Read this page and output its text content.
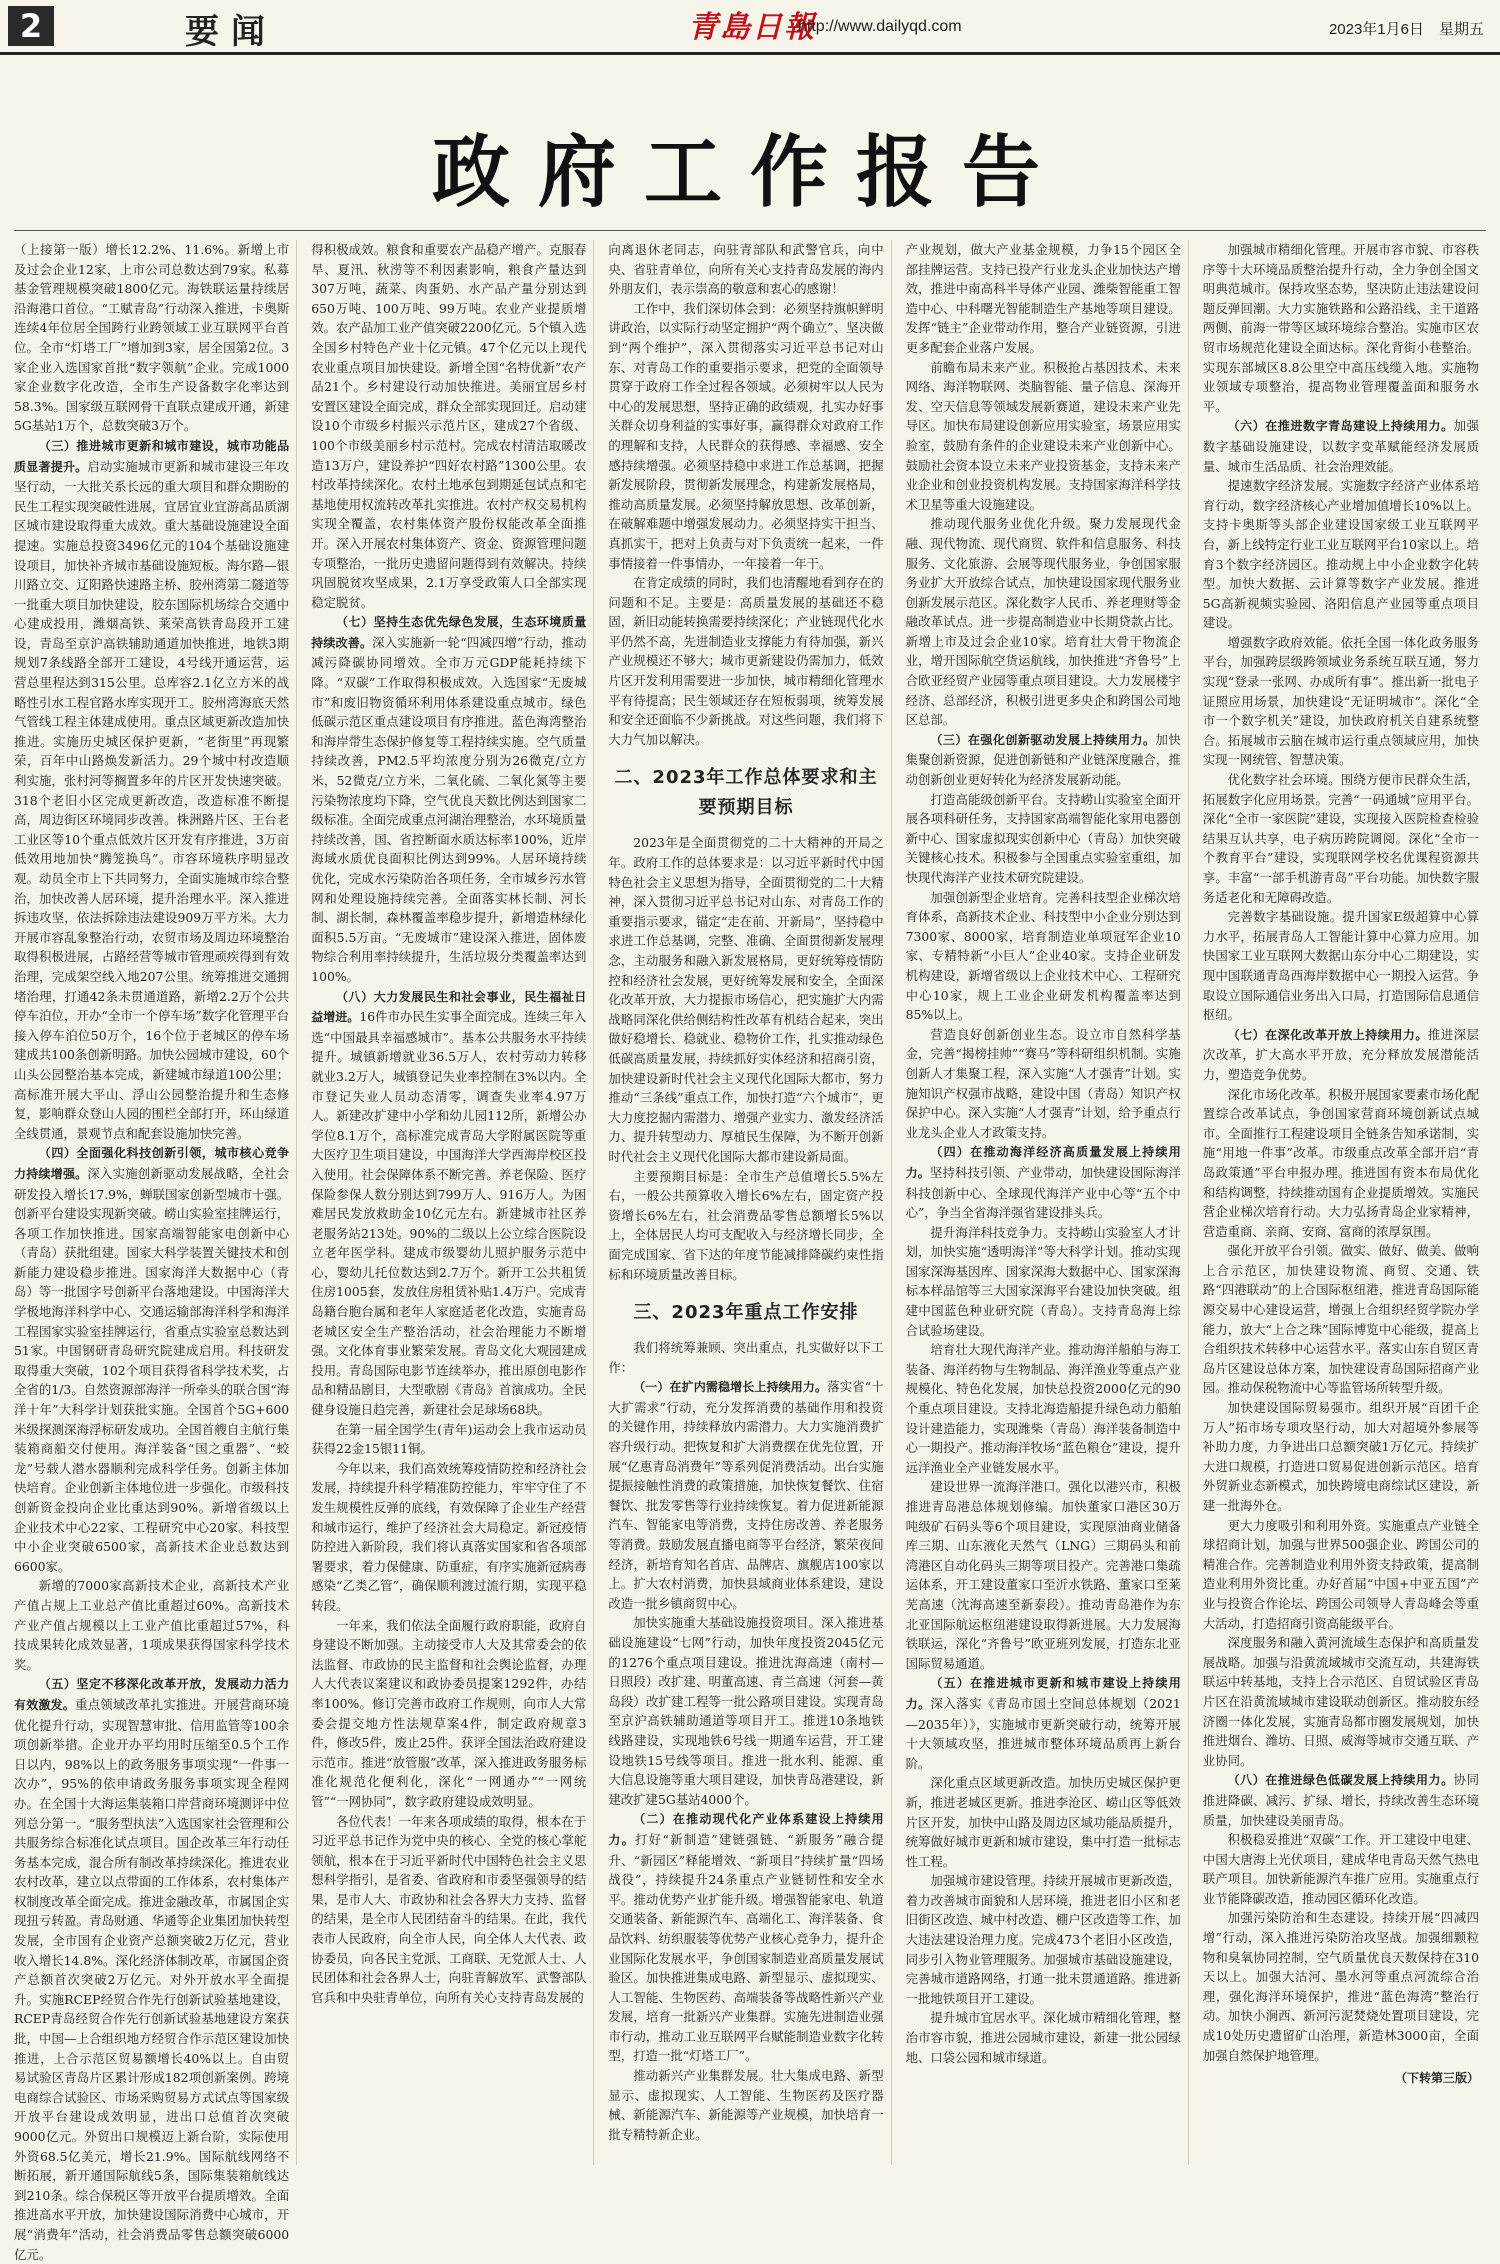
2	要闻	青島日報
http://www.dailyqd.com	2023年1月6日　星期五
政府工作报告

（上接第一版）增长12.2%、11.6%。新增上市及过会企业12家，上市公司总数达到79家。私募基金管理规模突破1800亿元。海铁联运量持续居沿海港口首位。“工赋青岛”行动深入推进，卡奥斯连续4年位居全国跨行业跨领域工业互联网平台首位。全市“灯塔工厂”增加到3家，居全国第2位。3家企业入选国家首批“数字领航”企业。完成1000家企业数字化改造，全市生产设备数字化率达到58.3%。国家级互联网骨干直联点建成开通，新建5G基站1万个，总数突破3万个。

（三）推进城市更新和城市建设，城市功能品质显著提升。启动实施城市更新和城市建设三年攻坚行动，一大批关系长远的重大项目和群众期盼的民生工程实现突破性进展，宜居宜业宜游高品质湖区城市建设取得重大成效。重大基础设施建设全面提速。实施总投资3496亿元的104个基础设施建设项目，加快补齐城市基础设施短板。海尔路—银川路立交、辽阳路快速路主桥、胶州湾第二隧道等一批重大项目加快建设，胶东国际机场综合交通中心建成投用，潍烟高铁、莱荣高铁青岛段开工建设，青岛至京沪高铁辅助通道加快推进，地铁3期规划7条线路全部开工建设，4号线开通运营，运营总里程达到315公里。总库容2.1亿立方米的战略性引水工程官路水库实现开工。胶州湾海底天然气管线工程主体建成使用。重点区域更新改造加快推进。实施历史城区保护更新，“老街里”再现繁荣，百年中山路焕发新活力。29个城中村改造顺利实施，张村河等搁置多年的片区开发快速突破。318个老旧小区完成更新改造，改造标准不断提高，周边街区环境同步改善。株洲路片区、王台老工业区等10个重点低效片区开发有序推进，3万亩低效用地加快“腾笼换鸟”。市容环境秩序明显改观。动员全市上下共同努力，全面实施城市综合整治，加快改善人居环境，提升治理水平。深入推进拆违攻坚，依法拆除违法建设909万平方米。大力开展市容乱象整治行动，农贸市场及周边环境整治取得积极进展，占路经营等城市管理顽疾得到有效治理，完成架空线入地207公里。统筹推进交通拥堵治理，打通42条未贯通道路，新增2.2万个公共停车泊位，开办“全市一个停车场”数字化管理平台接入停车泊位50万个，16个位于老城区的停车场建成共100条创新明路。加快公园城市建设，60个山头公园整治基本完成，新建城市绿道100公里；高标准开展大平山、浮山公园整治提升和生态修复，影响群众登山人园的围栏全部打开，环山绿道全线贯通，景观节点和配套设施加快完善。

（四）全面强化科技创新引领，城市核心竞争力持续增强。深入实施创新驱动发展战略，全社会研发投入增长17.9%，蝉联国家创新型城市十强。创新平台建设实现新突破。崂山实验室挂牌运行，各项工作加快推进。国家高端智能家电创新中心（青岛）获批组建。国家大科学装置关键技术和创新能力建设稳步推进。国家海洋大数据中心（青岛）等一批国字号创新平台落地建设。中国海洋大学极地海洋科学中心、交通运输部海洋科学和海洋工程国家实验室挂牌运行，省重点实验室总数达到51家。中国钢研青岛研究院建成启用。科技研发取得重大突破，102个项目获得省科学技术奖，占全省的1/3。自然资源部海洋一所牵头的联合国“海洋十年”大科学计划获批实施。全国首个5G+600米级探测深海浮标研发成功。全国首艘自主航行集装箱商船交付使用。海洋装备“国之重器”、“蛟龙”号载人潜水器顺利完成科学任务。创新主体加快培育。企业创新主体地位进一步强化。市级科技创新资金投向企业比重达到90%。新增省级以上企业技术中心22家、工程研究中心20家。科技型中小企业突破6500家，高新技术企业总数达到6600家。

新增的7000家高新技术企业，高新技术产业产值占规上工业总产值比重超过60%。高新技术产业产值占规模以上工业产值比重超过57%，科技成果转化成效显著，1项成果获得国家科学技术奖。

（五）坚定不移深化改革开放，发展动力活力有效激发。重点领域改革扎实推进。开展营商环境优化提升行动，实现智慧审批、信用监管等100余项创新举措。企业开办平均用时压缩至0.5个工作日以内，98%以上的政务服务事项实现“一件事一次办”，95%的依申请政务服务事项实现全程网办。在全国十大海运集装箱口岸营商环境测评中位列总分第一。“服务型执法”入选国家社会管理和公共服务综合标准化试点项目。国企改革三年行动任务基本完成，混合所有制改革持续深化。推进农业农村改革，建立以点带面的工作体系，农村集体产权制度改革全面完成。推进金融改革，市属国企实现扭亏转盈。青岛财通、华通等企业集团加快转型发展，全市国有企业资产总额突破2万亿元，营业收入增长14.8%。深化经济体制改革，市属国企资产总额首次突破2万亿元。对外开放水平全面提升。实施RCEP经贸合作先行创新试验基地建设，RCEP青岛经贸合作先行创新试验基地建设方案获批，中国—上合组织地方经贸合作示范区建设加快推进，上合示范区贸易额增长40%以上。自由贸易试验区青岛片区累计形成182项创新案例。跨境电商综合试验区、市场采购贸易方式试点等国家级开放平台建设成效明显，进出口总值首次突破9000亿元。外贸出口规模迈上新台阶，实际使用外资68.5亿美元，增长21.9%。国际航线网络不断拓展，新开通国际航线5条，国际集装箱航线达到210条。综合保税区等开放平台提质增效。全面推进高水平开放，加快建设国际消费中心城市，开展“消费年”活动，社会消费品零售总额突破6000亿元。

得积极成效。粮食和重要农产品稳产增产。克服春旱、夏汛、秋涝等不利因素影响，粮食产量达到307万吨，蔬菜、肉蛋奶、水产品产量分别达到650万吨、100万吨、99万吨。农业产业提质增效。农产品加工业产值突破2200亿元。5个镇入选全国乡村特色产业十亿元镇。47个亿元以上现代农业重点项目加快建设。新增全国“名特优新”农产品21个。乡村建设行动加快推进。美丽宜居乡村安置区建设全面完成，群众全部实现回迁。启动建设10个市级乡村振兴示范片区，建成27个省级、100个市级美丽乡村示范村。完成农村清洁取暖改造13万户，建设养护“四好农村路”1300公里。农村改革持续深化。农村土地承包到期延包试点和宅基地使用权流转改革扎实推进。农村产权交易机构实现全覆盖，农村集体资产股份权能改革全面推开。深入开展农村集体资产、资金、资源管理问题专项整治，一批历史遗留问题得到有效解决。持续巩固脱贫攻坚成果，2.1万享受政策人口全部实现稳定脱贫。

（七）坚持生态优先绿色发展，生态环境质量持续改善。深入实施新一轮“四减四增”行动，推动减污降碳协同增效。全市万元GDP能耗持续下降。“双碳”工作取得积极成效。入选国家“无废城市”和废旧物资循环利用体系建设重点城市。绿色低碳示范区重点建设项目有序推进。蓝色海湾整治和海岸带生态保护修复等工程持续实施。空气质量持续改善，PM2.5平均浓度分别为26微克/立方米，52微克/立方米，二氧化硫、二氧化氮等主要污染物浓度均下降，空气优良天数比例达到国家二级标准。全面完成重点河湖治理整治，水环境质量持续改善，国、省控断面水质达标率100%，近岸海域水质优良面积比例达到99%。人居环境持续优化，完成水污染防治各项任务，全市城乡污水管网和处理设施持续完善。全面落实林长制、河长制、湖长制，森林覆盖率稳步提升，新增造林绿化面积5.5万亩。“无废城市”建设深入推进，固体废物综合利用率持续提升，生活垃圾分类覆盖率达到100%。

（八）大力发展民生和社会事业，民生福祉日益增进。16件市办民生实事全面完成。连续三年入选“中国最具幸福感城市”。基本公共服务水平持续提升。城镇新增就业36.5万人，农村劳动力转移就业3.2万人，城镇登记失业率控制在3%以内。全市登记失业人员动态清零，调查失业率4.97万人。新建改扩建中小学和幼儿园112所，新增公办学位8.1万个，高标准完成青岛大学附属医院等重大医疗卫生项目建设，中国海洋大学西海岸校区投入使用。社会保障体系不断完善。养老保险、医疗保险参保人数分别达到799万人、916万人。为困难居民发放救助金10亿元左右。新建城市社区养老服务站213处。90%的二级以上公立综合医院设立老年医学科。建成市级婴幼儿照护服务示范中心，婴幼儿托位数达到2.7万个。新开工公共租赁住房1005套，发放住房租赁补贴1.4万户。完成青岛籍台胞台属和老年人家庭适老化改造，实施青岛老城区安全生产整治活动，社会治理能力不断增强。文化体育事业繁荣发展。青岛文化大观园建成投用。青岛国际电影节连续举办，推出原创电影作品和精品剧目，大型歌剧《青岛》首演成功。全民健身设施日趋完善，新建社会足球场68块。

在第一届全国学生(青年)运动会上我市运动员获得22金15银11铜。

今年以来，我们高效统筹疫情防控和经济社会发展，持续提升科学精准防控能力，牢牢守住了不发生规模性反弹的底线，有效保障了企业生产经营和城市运行，维护了经济社会大局稳定。新冠疫情防控进入新阶段，我们将认真落实国家和省各项部署要求，着力保健康、防重症，有序实施新冠病毒感染“乙类乙管”，确保顺利渡过流行期，实现平稳转段。

一年来，我们依法全面履行政府职能，政府自身建设不断加强。主动接受市人大及其常委会的依法监督、市政协的民主监督和社会舆论监督，办理人大代表议案建议和政协委员提案1292件，办结率100%。修订完善市政府工作规则，向市人大常委会提交地方性法规草案4件，制定政府规章3件，修改5件，废止25件。获评全国法治政府建设示范市。推进“放管服”改革，深入推进政务服务标准化规范化便利化，深化“一网通办”“一网统管”“一网协同”，数字政府建设成效明显。

各位代表！一年来各项成绩的取得，根本在于习近平总书记作为党中央的核心、全党的核心掌舵领航，根本在于习近平新时代中国特色社会主义思想科学指引，是省委、省政府和市委坚强领导的结果，是市人大、市政协和社会各界大力支持、监督的结果，是全市人民团结奋斗的结果。在此，我代表市人民政府，向全市人民，向全体人大代表、政协委员，向各民主党派、工商联、无党派人士、人民团体和社会各界人士，向驻青解放军、武警部队官兵和中央驻青单位，向所有关心支持青岛发展的

向离退休老同志，向驻青部队和武警官兵，向中央、省驻青单位，向所有关心支持青岛发展的海内外朋友们，表示崇高的敬意和衷心的感谢！

工作中，我们深切体会到：必须坚持旗帜鲜明讲政治，以实际行动坚定拥护“两个确立”、坚决做到“两个维护”，深入贯彻落实习近平总书记对山东、对青岛工作的重要指示要求，把党的全面领导贯穿于政府工作全过程各领域。必须树牢以人民为中心的发展思想，坚持正确的政绩观，扎实办好事关群众切身利益的实事好事，赢得群众对政府工作的理解和支持，人民群众的获得感、幸福感、安全感持续增强。必须坚持稳中求进工作总基调，把握新发展阶段，贯彻新发展理念，构建新发展格局，推动高质量发展。必须坚持解放思想、改革创新，在破解难题中增强发展动力。必须坚持实干担当、真抓实干，把对上负责与对下负责统一起来，一件事情接着一件事情办，一年接着一年干。

在肯定成绩的同时，我们也清醒地看到存在的问题和不足。主要是：高质量发展的基础还不稳固，新旧动能转换需要持续深化；产业链现代化水平仍然不高，先进制造业支撑能力有待加强，新兴产业规模还不够大；城市更新建设仍需加力，低效片区开发利用需要进一步加快，城市精细化管理水平有待提高；民生领域还存在短板弱项，统筹发展和安全还面临不少新挑战。对这些问题，我们将下大力气加以解决。

二、2023年工作总体要求和主要预期目标

2023年是全面贯彻党的二十大精神的开局之年。政府工作的总体要求是：以习近平新时代中国特色社会主义思想为指导，全面贯彻党的二十大精神，深入贯彻习近平总书记对山东、对青岛工作的重要指示要求，锚定“走在前、开新局”，坚持稳中求进工作总基调，完整、准确、全面贯彻新发展理念，主动服务和融入新发展格局，更好统筹疫情防控和经济社会发展，更好统筹发展和安全，全面深化改革开放，大力提振市场信心，把实施扩大内需战略同深化供给侧结构性改革有机结合起来，突出做好稳增长、稳就业、稳物价工作，扎实推动绿色低碳高质量发展，持续抓好实体经济和招商引资，加快建设新时代社会主义现代化国际大都市，努力推动“三条线”重点工作，加快打造“六个城市”，更大力度挖掘内需潜力、增强产业实力、激发经济活力、提升转型动力、厚植民生保障，为不断开创新时代社会主义现代化国际大都市建设新局面。

主要预期目标是：全市生产总值增长5.5%左右，一般公共预算收入增长6%左右，固定资产投资增长6%左右，社会消费品零售总额增长5%以上，全体居民人均可支配收入与经济增长同步，全面完成国家、省下达的年度节能减排降碳约束性指标和环境质量改善目标。

三、2023年重点工作安排

我们将统筹兼顾、突出重点，扎实做好以下工作：

（一）在扩内需稳增长上持续用力。落实省“十大扩需求”行动，充分发挥消费的基础作用和投资的关键作用，持续释放内需潜力。大力实施消费扩容升级行动。把恢复和扩大消费摆在优先位置，开展“亿惠青岛消费年”等系列促消费活动。出台实施提振接触性消费的政策措施，加快恢复餐饮、住宿餐饮、批发零售等行业持续恢复。着力促进新能源汽车、智能家电等消费，支持住房改善、养老服务等消费。鼓励发展直播电商等平台经济，繁荣夜间经济，新培育知名首店、品牌店、旗舰店100家以上。扩大农村消费，加快县域商业体系建设，建设改造一批乡镇商贸中心。

加快实施重大基础设施投资项目。深入推进基础设施建设“七网”行动，加快年度投资2045亿元的1276个重点项目建设。推进沈海高速（南村—日照段）改扩建、明董高速、青兰高速（河套—黄岛段）改扩建工程等一批公路项目建设。实现青岛至京沪高铁辅助通道等项目开工。推进10条地铁线路建设，实现地铁6号线一期通车运营，开工建设地铁15号线等项目。推进一批水利、能源、重大信息设施等重大项目建设，加快青岛港建设，新建改扩建5G基站4000个。

（二）在推动现代化产业体系建设上持续用力。打好“新制造”建链强链、“新服务”融合提升、“新园区”释能增效、“新项目”持续扩量“四场战役”，持续提升24条重点产业链韧性和安全水平。推动优势产业扩能升级。增强智能家电、轨道交通装备、新能源汽车、高端化工、海洋装备、食品饮料、纺织服装等优势产业核心竞争力，提升企业国际化发展水平，争创国家制造业高质量发展试验区。加快推进集成电路、新型显示、虚拟现实、人工智能、生物医药、高端装备等战略性新兴产业发展，培育一批新兴产业集群。实施先进制造业强市行动，推动工业互联网平台赋能制造业数字化转型，打造一批“灯塔工厂”。

推动新兴产业集群发展。壮大集成电路、新型显示、虚拟现实、人工智能、生物医药及医疗器械、新能源汽车、新能源等产业规模，加快培育一批专精特新企业。

产业规划，做大产业基金规模，力争15个园区全部挂牌运营。支持已投产行业龙头企业加快达产增效，推进中南高科半导体产业园、潍柴智能重工智造中心、中科曙光智能制造生产基地等项目建设。发挥“链主”企业带动作用，整合产业链资源，引进更多配套企业落户发展。

前瞻布局未来产业。积极抢占基因技术、未来网络、海洋物联网、类脑智能、量子信息、深海开发、空天信息等领域发展新赛道，建设未来产业先导区。加快布局建设创新应用实验室，场景应用实验室，鼓励有条件的企业建设未来产业创新中心。鼓励社会资本设立未来产业投资基金，支持未来产业企业和创业投资机构发展。支持国家海洋科学技术卫星等重大设施建设。

推动现代服务业优化升级。聚力发展现代金融、现代物流、现代商贸、软件和信息服务、科技服务、文化旅游、会展等现代服务业，争创国家服务业扩大开放综合试点，加快建设国家现代服务业创新发展示范区。深化数字人民币、养老理财等金融改革试点。进一步提高制造业中长期贷款占比。新增上市及过会企业10家。培育壮大骨干物流企业，增开国际航空货运航线，加快推进“齐鲁号”上合欧亚经贸产业园等重点项目建设。大力发展楼宇经济、总部经济，积极引进更多央企和跨国公司地区总部。

（三）在强化创新驱动发展上持续用力。加快集聚创新资源，促进创新链和产业链深度融合，推动创新创业更好转化为经济发展新动能。

打造高能级创新平台。支持崂山实验室全面开展各项科研任务，支持国家高端智能化家用电器创新中心、国家虚拟现实创新中心（青岛）加快突破关键核心技术。积极参与全国重点实验室重组，加快现代海洋产业技术研究院建设。

加强创新型企业培育。完善科技型企业梯次培育体系，高新技术企业、科技型中小企业分别达到7300家、8000家，培育制造业单项冠军企业10家、专精特新“小巨人”企业40家。支持企业研发机构建设，新增省级以上企业技术中心、工程研究中心10家，规上工业企业研发机构覆盖率达到85%以上。

营造良好创新创业生态。设立市自然科学基金，完善“揭榜挂帅”“赛马”等科研组织机制。实施创新人才集聚工程，深入实施“人才强青”计划。实施知识产权强市战略，建设中国（青岛）知识产权保护中心。深入实施“人才强青”计划，给予重点行业龙头企业人才政策支持。

（四）在推动海洋经济高质量发展上持续用力。坚持科技引领、产业带动，加快建设国际海洋科技创新中心、全球现代海洋产业中心等“五个中心”，争当全省海洋强省建设排头兵。

提升海洋科技竞争力。支持崂山实验室人才计划，加快实施“透明海洋”等大科学计划。推动实现国家深海基因库、国家深海大数据中心、国家深海标本样品馆等三大国家深海平台建设加快突破。组建中国蓝色种业研究院（青岛）。支持青岛海上综合试验场建设。

培育壮大现代海洋产业。推动海洋船舶与海工装备、海洋药物与生物制品、海洋渔业等重点产业规模化、特色化发展，加快总投资2000亿元的90个重点项目建设。支持北海造船提升绿色动力船舶设计建造能力，实现潍柴（青岛）海洋装备制造中心一期投产。推动海洋牧场“蓝色粮仓”建设，提升远洋渔业全产业链发展水平。

建设世界一流海洋港口。强化以港兴市，积极推进青岛港总体规划修编。加快董家口港区30万吨级矿石码头等6个项目建设，实现原油商业储备库三期、山东液化天然气（LNG）三期码头和前湾港区自动化码头三期等项目投产。完善港口集疏运体系，开工建设董家口至沂水铁路、董家口至莱芜高速（沈海高速至新泰段）。推动青岛港作为东北亚国际航运枢纽港建设取得新进展。大力发展海铁联运，深化“齐鲁号”欧亚班列发展，打造东北亚国际贸易通道。

（五）在推进城市更新和城市建设上持续用力。深入落实《青岛市国土空间总体规划（2021—2035年）》，实施城市更新突破行动，统筹开展十大领域攻坚，推进城市整体环境品质再上新台阶。

深化重点区域更新改造。加快历史城区保护更新，推进老城区更新。推进李沧区、崂山区等低效片区开发，加快中山路及周边区域功能品质提升，统筹做好城市更新和城市建设，集中打造一批标志性工程。

加强城市建设管理。持续开展城市更新改造，着力改善城市面貌和人居环境，推进老旧小区和老旧街区改造、城中村改造、棚户区改造等工作，加大违法建设治理力度。完成473个老旧小区改造，同步引入物业管理服务。加强城市基础设施建设，完善城市道路网络，打通一批未贯通道路。推进新一批地铁项目开工建设。

提升城市宜居水平。深化城市精细化管理，整治市容市貌，推进公园城市建设，新建一批公园绿地、口袋公园和城市绿道。

加强城市精细化管理。开展市容市貌、市容秩序等十大环境品质整治提升行动，全力争创全国文明典范城市。保持攻坚态势，坚决防止违法建设问题反弹回潮。大力实施铁路和公路沿线、主干道路两侧、前海一带等区域环境综合整治。实施市区农贸市场规范化建设全面达标。深化背街小巷整治。实现东部城区8.8公里空中高压线缆入地。实施物业领域专项整治，提高物业管理覆盖面和服务水平。

（六）在推进数字青岛建设上持续用力。加强数字基础设施建设，以数字变革赋能经济发展质量、城市生活品质、社会治理效能。

提速数字经济发展。实施数字经济产业体系培育行动，数字经济核心产业增加值增长10%以上。支持卡奥斯等头部企业建设国家级工业互联网平台，新上线特定行业工业互联网平台10家以上。培育3个数字经济园区。推动规上中小企业数字化转型。加快大数据、云计算等数字产业发展。推进5G高新视频实验园、洛阳信息产业园等重点项目建设。

增强数字政府效能。依托全国一体化政务服务平台，加强跨层级跨领域业务系统互联互通，努力实现“登录一张网、办成所有事”。推出新一批电子证照应用场景，加快建设“无证明城市”。深化“全市一个数字机关”建设，加快政府机关自建系统整合。拓展城市云脑在城市运行重点领域应用，加快实现一网统管、智慧决策。

优化数字社会环境。围绕方便市民群众生活，拓展数字化应用场景。完善“一码通城”应用平台。深化“全市一家医院”建设，实现接入医院检查检验结果互认共享，电子病历跨院调阅。深化“全市一个教育平台”建设，实现联网学校名优课程资源共享。丰富“一部手机游青岛”平台功能。加快数字服务适老化和无障碍改造。

完善数字基础设施。提升国家E级超算中心算力水平，拓展青岛人工智能计算中心算力应用。加快国家工业互联网大数据山东分中心二期建设，实现中国联通青岛西海岸数据中心一期投入运营。争取设立国际通信业务出入口局，打造国际信息通信枢纽。

（七）在深化改革开放上持续用力。推进深层次改革，扩大高水平开放，充分释放发展潜能活力，塑造竞争优势。

深化市场化改革。积极开展国家要素市场化配置综合改革试点，争创国家营商环境创新试点城市。全面推行工程建设项目全链条告知承诺制，实施“用地一件事”改革。市级重点改革全部开启“青岛政策通”平台申报办理。推进国有资本布局优化和结构调整，持续推动国有企业提质增效。实施民营企业梯次培育行动。大力弘扬青岛企业家精神，营造重商、亲商、安商、富商的浓厚氛围。

强化开放平台引领。做实、做好、做美、做响上合示范区，加快建设物流、商贸、交通、铁路“四港联动”的上合国际枢纽港，推进青岛国际能源交易中心建设运营，增强上合组织经贸学院办学能力，放大“上合之珠”国际博览中心能级，提高上合组织技术转移中心运营水平。落实山东自贸区青岛片区建设总体方案，加快建设青岛国际招商产业园。推动保税物流中心等监管场所转型升级。

加快建设国际贸易强市。组织开展“百团千企万人”拓市场专项攻坚行动，加大对超境外参展等补助力度，力争进出口总额突破1万亿元。持续扩大进口规模，打造进口贸易促进创新示范区。培育外贸新业态新模式，加快跨境电商综试区建设，新建一批海外仓。

更大力度吸引和利用外资。实施重点产业链全球招商计划，加强与世界500强企业、跨国公司的精准合作。完善制造业利用外资支持政策，提高制造业利用外资比重。办好首届“中国+中亚五国”产业与投资合作论坛、跨国公司领导人青岛峰会等重大活动，打造招商引资高能级平台。

深度服务和融入黄河流域生态保护和高质量发展战略。加强与沿黄流域城市交流互动，共建海铁联运中转基地，支持上合示范区、自贸试验区青岛片区在沿黄流域城市建设联动创新区。推动胶东经济圈一体化发展，实施青岛都市圈发展规划，加快推进烟台、潍坊、日照、威海等城市交通互联、产业协同。

（八）在推进绿色低碳发展上持续用力。协同推进降碳、减污、扩绿、增长，持续改善生态环境质量，加快建设美丽青岛。

积极稳妥推进“双碳”工作。开工建设中电建、中国大唐海上光伏项目，建成华电青岛天然气热电联产项目。加快新能源汽车推广应用。实施重点行业节能降碳改造，推动园区循环化改造。

加强污染防治和生态建设。持续开展“四减四增”行动，深入推进污染防治攻坚战。加强细颗粒物和臭氧协同控制，空气质量优良天数保持在310天以上。加强大沽河、墨水河等重点河流综合治理，强化海洋环境保护，推进“蓝色海湾”整治行动。加快小涧西、新河污泥焚烧处置项目建设，完成10处历史遗留矿山治理，新造林3000亩，全面加强自然保护地管理。

（下转第三版）
